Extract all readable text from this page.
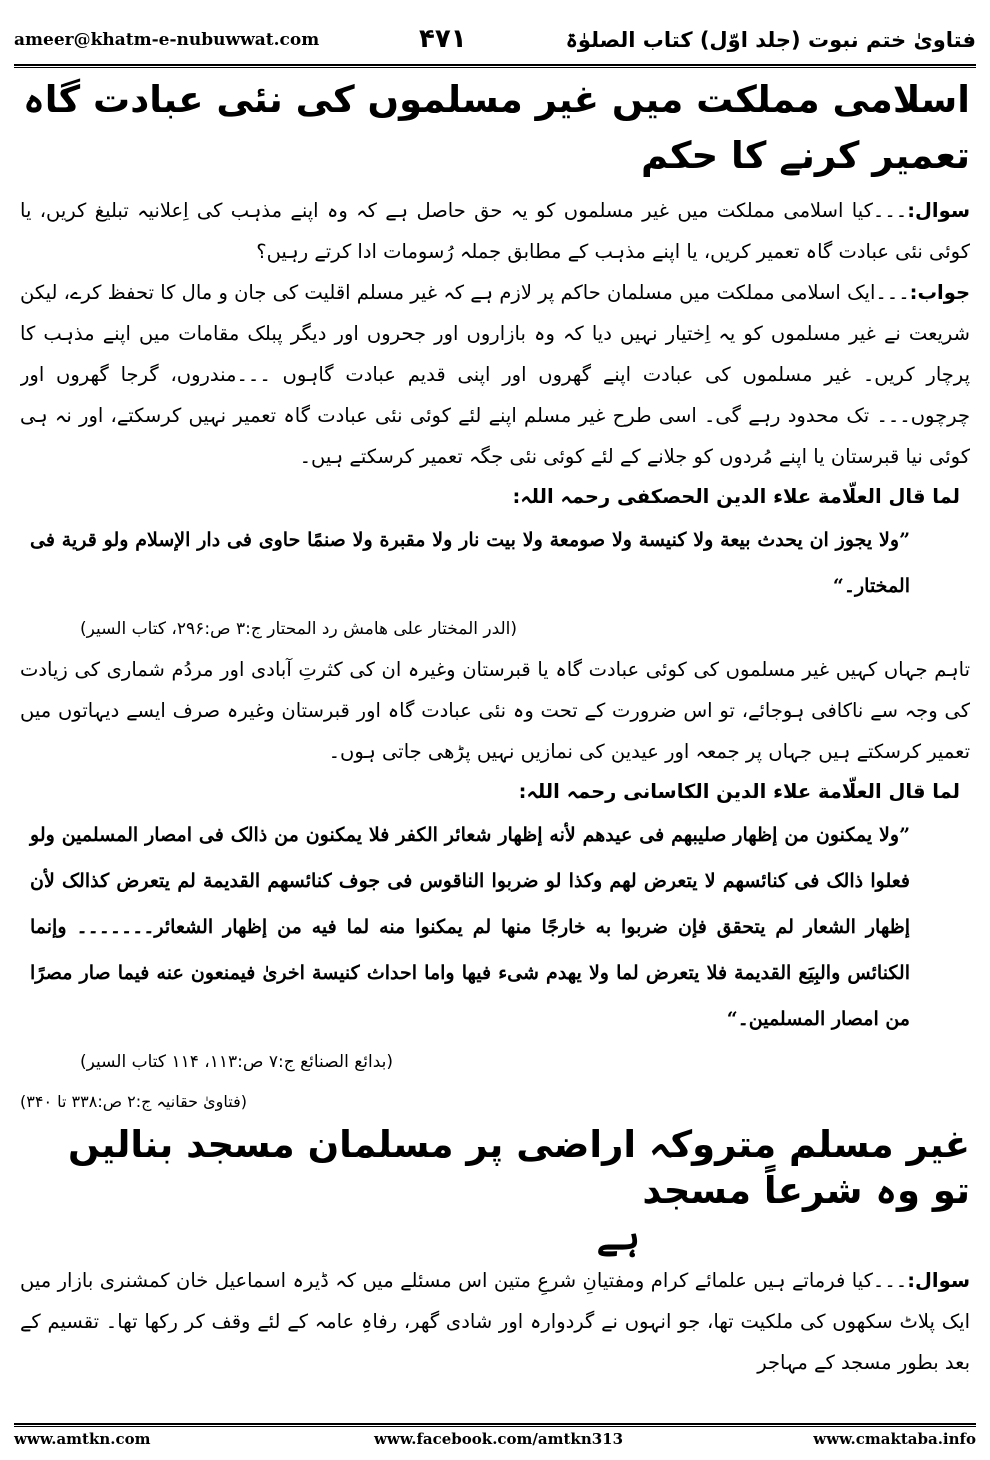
ameer@khatm-e-nubuwwat.com	۴۷۱	فتاویٰ ختم نبوت (جلد اوّل) کتاب الصلوٰۃ
اسلامی مملکت میں غیر مسلموں کی نئی عبادت گاہ تعمیر کرنے کا حکم

سوال:۔۔۔کیا اسلامی مملکت میں غیر مسلموں کو یہ حق حاصل ہے کہ وہ اپنے مذہب کی اِعلانیہ تبلیغ کریں، یا کوئی نئی عبادت گاہ تعمیر کریں، یا اپنے مذہب کے مطابق جملہ رُسومات ادا کرتے رہیں؟

جواب:۔۔۔ایک اسلامی مملکت میں مسلمان حاکم پر لازم ہے کہ غیر مسلم اقلیت کی جان و مال کا تحفظ کرے، لیکن شریعت نے غیر مسلموں کو یہ اِختیار نہیں دیا کہ وہ بازاروں اور جحروں اور دیگر پبلک مقامات میں اپنے مذہب کا پرچار کریں۔ غیر مسلموں کی عبادت اپنے گھروں اور اپنی قدیم عبادت گاہوں ۔۔۔مندروں، گرجا گھروں اور چرچوں۔۔۔ تک محدود رہے گی۔ اسی طرح غیر مسلم اپنے لئے کوئی نئی عبادت گاہ تعمیر نہیں کرسکتے، اور نہ ہی کوئی نیا قبرستان یا اپنے مُردوں کو جلانے کے لئے کوئی نئی جگہ تعمیر کرسکتے ہیں۔

لما قال العلّامة علاء الدین الحصکفی رحمہ اللہ:

”ولا یجوز ان یحدث بیعة ولا کنیسة ولا صومعة ولا بیت نار ولا مقبرة ولا صنمًا حاوی فی دار الإسلام ولو قریة فی المختار۔“

(الدر المختار علی ھامش رد المحتار ج:۳ ص:۲۹۶، کتاب السیر)

تاہم جہاں کہیں غیر مسلموں کی کوئی عبادت گاہ یا قبرستان وغیرہ ان کی کثرتِ آبادی اور مردُم شماری کی زیادت کی وجہ سے ناکافی ہوجائے، تو اس ضرورت کے تحت وہ نئی عبادت گاہ اور قبرستان وغیرہ صرف ایسے دیہاتوں میں تعمیر کرسکتے ہیں جہاں پر جمعہ اور عیدین کی نمازیں نہیں پڑھی جاتی ہوں۔

لما قال العلّامة علاء الدین الکاسانی رحمہ اللہ:

”ولا یمکنون من إظھار صلیبھم فی عیدھم لأنه إظھار شعائر الکفر فلا یمکنون من ذالک فی امصار المسلمین ولو فعلوا ذالک فی کنائسھم لا یتعرض لھم وکذا لو ضربوا الناقوس فی جوف کنائسھم القدیمة لم یتعرض کذالک لأن إظھار الشعار لم یتحقق فإن ضربوا به خارجًا منھا لم یمکنوا منه لما فیه من إظھار الشعائر۔۔۔۔۔۔۔ وإنما الکنائس والبِیَع القدیمة فلا یتعرض لما ولا یھدم شیء فیھا واما احداث کنیسة اخریٰ فیمنعون عنه فیما صار مصرًا من امصار المسلمین۔“

(بدائع الصنائع ج:۷ ص:۱۱۳، ۱۱۴ کتاب السیر)

(فتاویٰ حقانیہ ج:۲ ص:۳۳۸ تا ۳۴۰)

غیر مسلم متروکہ اراضی پر مسلمان مسجد بنالیں تو وہ شرعاً مسجد
ہے

سوال:۔۔۔کیا فرماتے ہیں علمائے کرام ومفتیانِ شرعِ متین اس مسئلے میں کہ ڈیرہ اسماعیل خان کمشنری بازار میں ایک پلاٹ سکھوں کی ملکیت تھا، جو انہوں نے گردوارہ اور شادی گھر، رفاہِ عامہ کے لئے وقف کر رکھا تھا۔ تقسیم کے بعد بطور مسجد کے مہاجر

www.amtkn.com	www.facebook.com/amtkn313	www.cmaktaba.info
